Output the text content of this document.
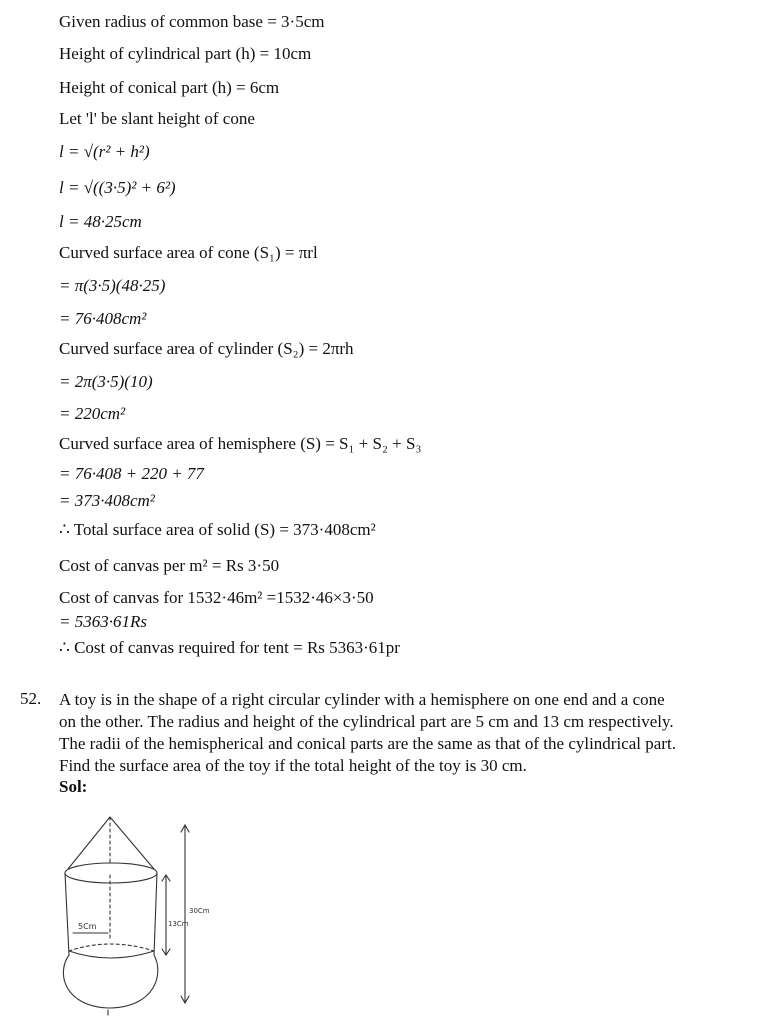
Given radius of common base = 3·5cm
Height of cylindrical part (h) = 10cm
Height of conical part (h) = 6cm
Let 'l' be slant height of cone
l = √(r² + h²)
l = √((3·5)² + 6²)
l = 48·25cm
Curved surface area of cone (S₁) = πrl
= π(3·5)(48·25)
= 76·408cm²
Curved surface area of cylinder (S₂) = 2πrh
= 2π(3·5)(10)
= 220cm²
Curved surface area of hemisphere (S) = S₁ + S₂ + S₃
= 76·408 + 220 + 77
= 373·408cm²
∴ Total surface area of solid (S) = 373·408cm²
Cost of canvas per m² = Rs 3·50
Cost of canvas for 1532·46m² =1532·46×3·50
= 5363·61Rs
∴ Cost of canvas required for tent = Rs 5363·61pr
52. A toy is in the shape of a right circular cylinder with a hemisphere on one end and a cone
on the other. The radius and height of the cylindrical part are 5 cm and 13 cm respectively.
The radii of the hemispherical and conical parts are the same as that of the cylindrical part.
Find the surface area of the toy if the total height of the toy is 30 cm.
Sol:
5Cm	13Cm
30Cm
